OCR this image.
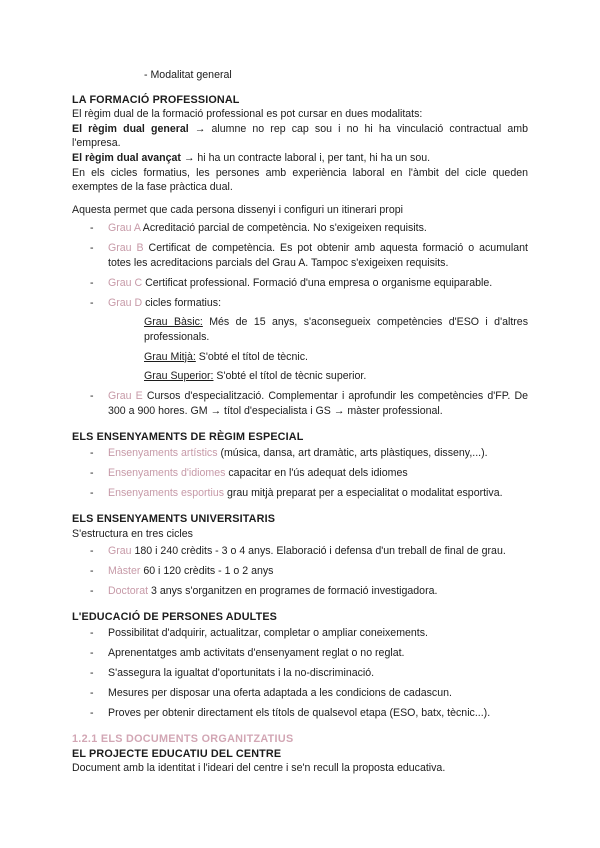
- Modalitat general
LA FORMACIÓ PROFESSIONAL

El règim dual de la formació professional es pot cursar en dues modalitats:

El règim dual general → alumne no rep cap sou i no hi ha vinculació contractual amb l'empresa.

El règim dual avançat → hi ha un contracte laboral i, per tant, hi ha un sou.

En els cicles formatius, les persones amb experiència laboral en l'àmbit del cicle queden exemptes de la fase pràctica dual.

Aquesta permet que cada persona dissenyi i configuri un itinerari propi

- Grau A Acreditació parcial de competència. No s'exigeixen requisits.
- Grau B Certificat de competència. Es pot obtenir amb aquesta formació o acumulant totes les acreditacions parcials del Grau A. Tampoc s'exigeixen requisits.
- Grau C Certificat professional. Formació d'una empresa o organisme equiparable.
- Grau D cicles formatius:
Grau Bàsic: Més de 15 anys, s'aconsegueix competències d'ESO i d'altres professionals.
Grau Mitjà: S'obté el títol de tècnic.
Grau Superior: S'obté el títol de tècnic superior.
- Grau E Cursos d'especialització. Complementar i aprofundir les competències d'FP. De 300 a 900 hores. GM → títol d'especialista i GS → màster professional.
ELS ENSENYAMENTS DE RÈGIM ESPECIAL
- Ensenyaments artístics (música, dansa, art dramàtic, arts plàstiques, disseny,...).
- Ensenyaments d'idiomes capacitar en l'ús adequat dels idiomes
- Ensenyaments esportius grau mitjà preparat per a especialitat o modalitat esportiva.
ELS ENSENYAMENTS UNIVERSITARIS

S'estructura en tres cicles

- Grau 180 i 240 crèdits - 3 o 4 anys. Elaboració i defensa d'un treball de final de grau.
- Màster 60 i 120 crèdits - 1 o 2 anys
- Doctorat 3 anys s'organitzen en programes de formació investigadora.
L'EDUCACIÓ DE PERSONES ADULTES
- Possibilitat d'adquirir, actualitzar, completar o ampliar coneixements.
- Aprenentatges amb activitats d'ensenyament reglat o no reglat.
- S'assegura la igualtat d'oportunitats i la no-discriminació.
- Mesures per disposar una oferta adaptada a les condicions de cadascun.
- Proves per obtenir directament els títols de qualsevol etapa (ESO, batx, tècnic...).
1.2.1 ELS DOCUMENTS ORGANITZATIUS
EL PROJECTE EDUCATIU DEL CENTRE

Document amb la identitat i l'ideari del centre i se'n recull la proposta educativa.
